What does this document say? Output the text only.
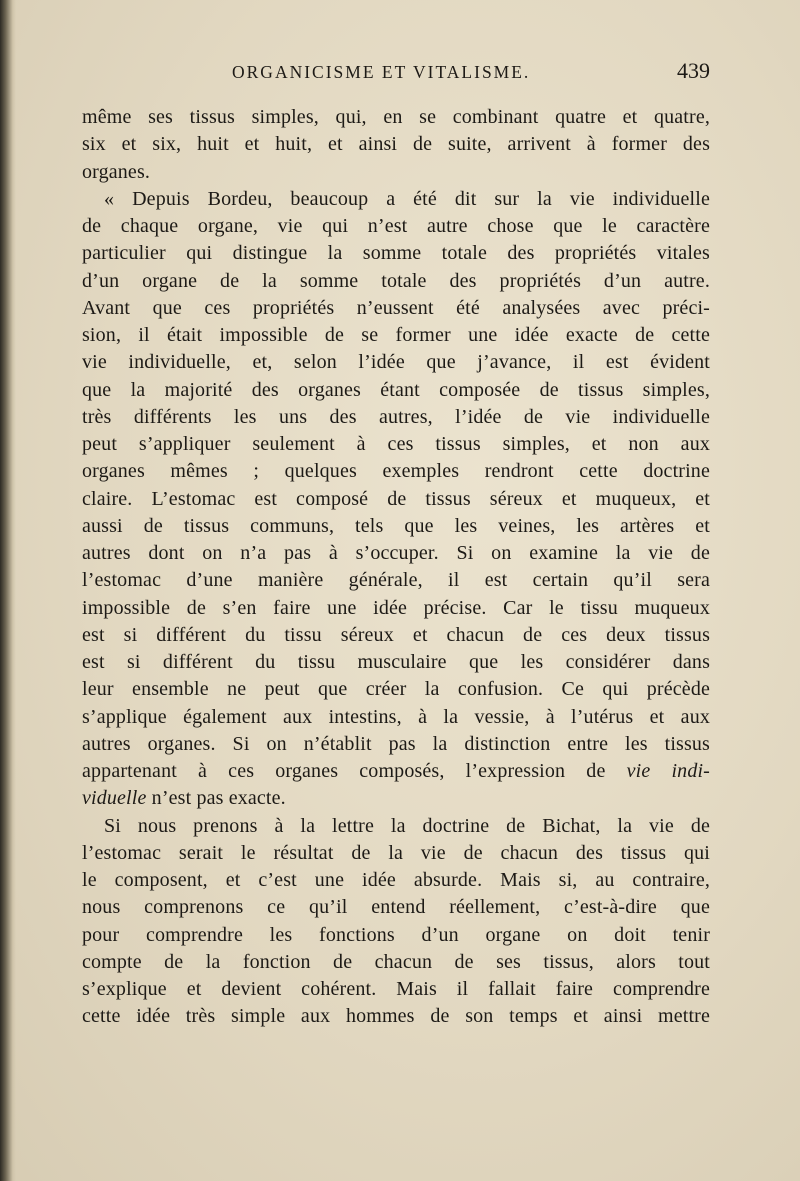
ORGANICISME ET VITALISME.	439
même ses tissus simples, qui, en se combinant quatre et quatre,
six et six, huit et huit, et ainsi de suite, arrivent à former des
organes.
« Depuis Bordeu, beaucoup a été dit sur la vie individuelle
de chaque organe, vie qui n’est autre chose que le caractère
particulier qui distingue la somme totale des propriétés vitales
d’un organe de la somme totale des propriétés d’un autre.
Avant que ces propriétés n’eussent été analysées avec préci-
sion, il était impossible de se former une idée exacte de cette
vie individuelle, et, selon l’idée que j’avance, il est évident
que la majorité des organes étant composée de tissus simples,
très différents les uns des autres, l’idée de vie individuelle
peut s’appliquer seulement à ces tissus simples, et non aux
organes mêmes ; quelques exemples rendront cette doctrine
claire. L’estomac est composé de tissus séreux et muqueux, et
aussi de tissus communs, tels que les veines, les artères et
autres dont on n’a pas à s’occuper. Si on examine la vie de
l’estomac d’une manière générale, il est certain qu’il sera
impossible de s’en faire une idée précise. Car le tissu muqueux
est si différent du tissu séreux et chacun de ces deux tissus
est si différent du tissu musculaire que les considérer dans
leur ensemble ne peut que créer la confusion. Ce qui précède
s’applique également aux intestins, à la vessie, à l’utérus et aux
autres organes. Si on n’établit pas la distinction entre les tissus
appartenant à ces organes composés, l’expression de vie indi-
viduelle n’est pas exacte.
Si nous prenons à la lettre la doctrine de Bichat, la vie de
l’estomac serait le résultat de la vie de chacun des tissus qui
le composent, et c’est une idée absurde. Mais si, au contraire,
nous comprenons ce qu’il entend réellement, c’est-à-dire que
pour comprendre les fonctions d’un organe on doit tenir
compte de la fonction de chacun de ses tissus, alors tout
s’explique et devient cohérent. Mais il fallait faire comprendre
cette idée très simple aux hommes de son temps et ainsi mettre
